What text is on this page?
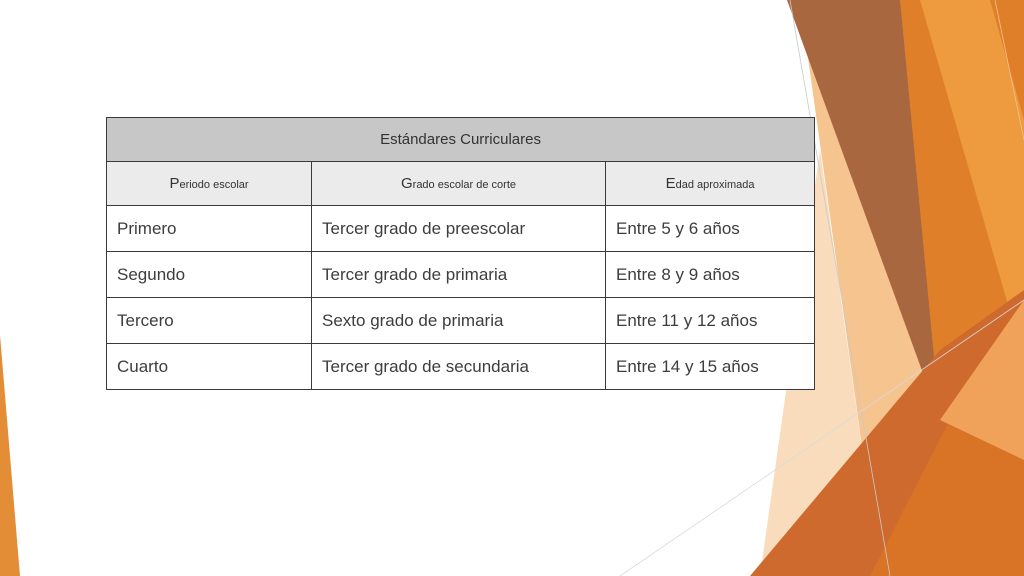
Estándares Curriculares		
Periodo escolar	Grado escolar de corte	Edad aproximada
Primero	Tercer grado de preescolar	Entre 5 y 6 años
Segundo	Tercer grado de primaria	Entre 8 y 9 años
Tercero	Sexto grado de primaria	Entre 11 y 12 años
Cuarto	Tercer grado de secundaria	Entre 14 y 15 años
